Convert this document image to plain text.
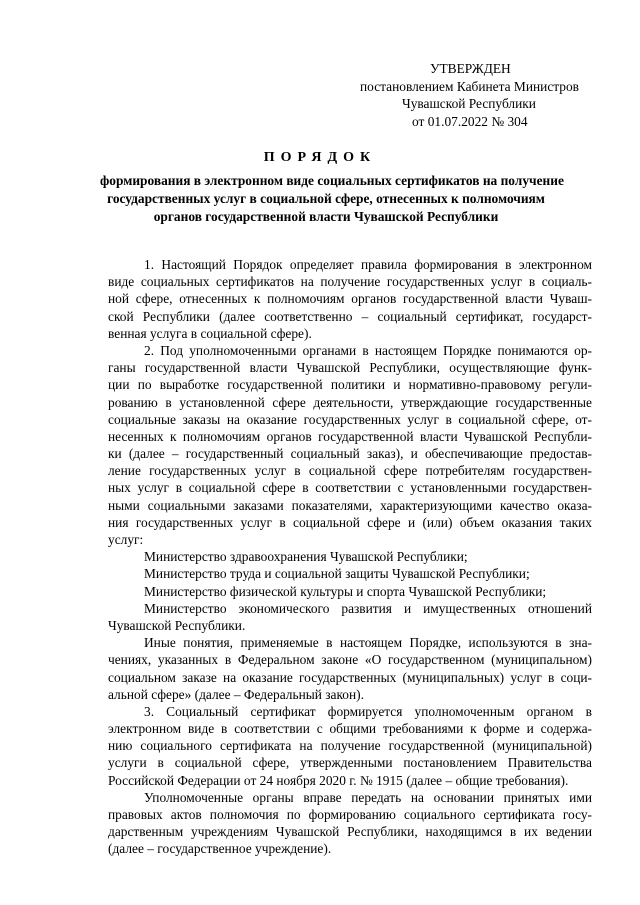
УТВЕРЖДЕН
постановлением Кабинета Министров
Чувашской Республики
от 01.07.2022 № 304
ПОРЯДОК
формирования в электронном виде социальных сертификатов на получение
государственных услуг в социальной сфере, отнесенных к полномочиям
органов государственной власти Чувашской Республики
1. Настоящий Порядок определяет правила формирования в электронном
виде социальных сертификатов на получение государственных услуг в социаль-
ной сфере, отнесенных к полномочиям органов государственной власти Чуваш-
ской Республики (далее соответственно – социальный сертификат, государст-
венная услуга в социальной сфере).
2. Под уполномоченными органами в настоящем Порядке понимаются ор-
ганы государственной власти Чувашской Республики, осуществляющие функ-
ции по выработке государственной политики и нормативно-правовому регули-
рованию в установленной сфере деятельности, утверждающие государственные
социальные заказы на оказание государственных услуг в социальной сфере, от-
несенных к полномочиям органов государственной власти Чувашской Республи-
ки (далее – государственный социальный заказ), и обеспечивающие предостав-
ление государственных услуг в социальной сфере потребителям государствен-
ных услуг в социальной сфере в соответствии с установленными государствен-
ными социальными заказами показателями, характеризующими качество оказа-
ния государственных услуг в социальной сфере и (или) объем оказания таких
услуг:
Министерство здравоохранения Чувашской Республики;
Министерство труда и социальной защиты Чувашской Республики;
Министерство физической культуры и спорта Чувашской Республики;
Министерство экономического развития и имущественных отношений
Чувашской Республики.
Иные понятия, применяемые в настоящем Порядке, используются в зна-
чениях, указанных в Федеральном законе «О государственном (муниципальном)
социальном заказе на оказание государственных (муниципальных) услуг в соци-
альной сфере» (далее – Федеральный закон).
3. Социальный сертификат формируется уполномоченным органом в
электронном виде в соответствии с общими требованиями к форме и содержа-
нию социального сертификата на получение государственной (муниципальной)
услуги в социальной сфере, утвержденными постановлением Правительства
Российской Федерации от 24 ноября 2020 г. № 1915 (далее – общие требования).
Уполномоченные органы вправе передать на основании принятых ими
правовых актов полномочия по формированию социального сертификата госу-
дарственным учреждениям Чувашской Республики, находящимся в их ведении
(далее – государственное учреждение).
